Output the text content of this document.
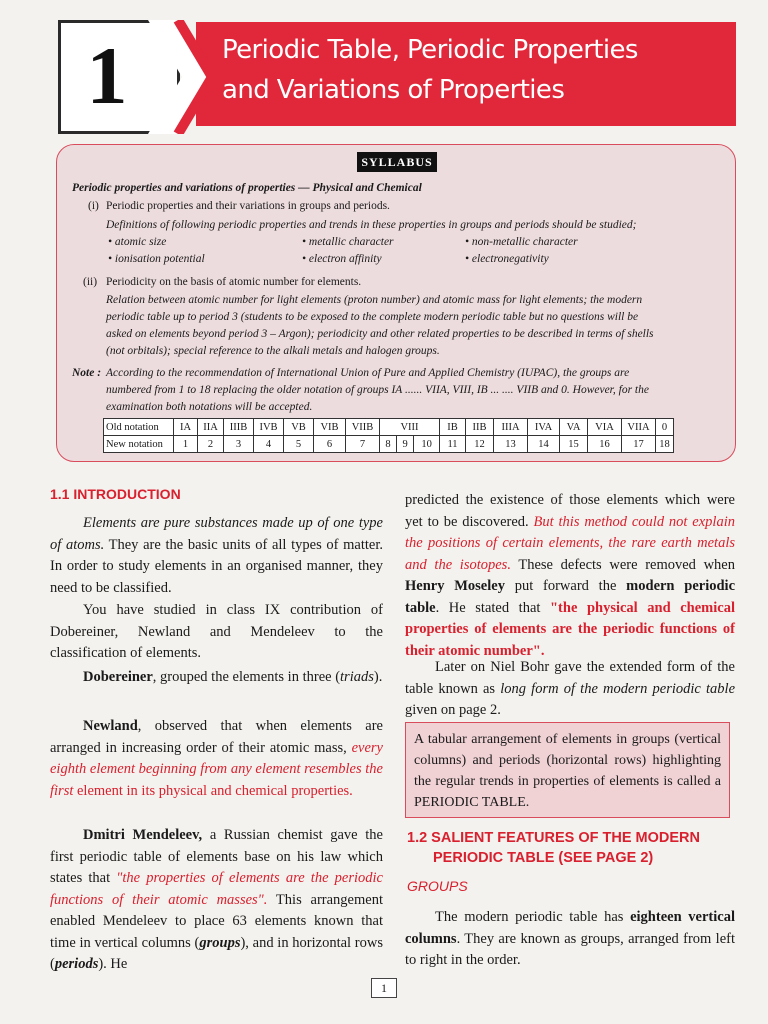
1	Periodic Table, Periodic Properties
and Variations of Properties
SYLLABUS
Periodic properties and variations of properties — Physical and Chemical
(i) Periodic properties and their variations in groups and periods.
Definitions of following periodic properties and trends in these properties in groups and periods should be studied;
• atomic size	• metallic character	• non-metallic character
• ionisation potential	• electron affinity	• electronegativity
(ii) Periodicity on the basis of atomic number for elements.
Relation between atomic number for light elements (proton number) and atomic mass for light elements; the modern
periodic table up to period 3 (students to be exposed to the complete modern periodic table but no questions will be
asked on elements beyond period 3 – Argon); periodicity and other related properties to be described in terms of shells
(not orbitals); special reference to the alkali metals and halogen groups.
Note : According to the recommendation of International Union of Pure and Applied Chemistry (IUPAC), the groups are
numbered from 1 to 18 replacing the older notation of groups IA ...... VIIA, VIII, IB ... .... VIIB and 0. However, for the
examination both notations will be accepted.
Old notation	IA	IIA	IIIB	IVB	VB	VIB	VIIB	VIII			IB	IIB	IIIA	IVA	VA	VIA	VIIA	0
New notation	1	2	3	4	5	6	7	8	9	10	11	12	13	14	15	16	17	18
1.1 INTRODUCTION
Elements are pure substances made up of one type of atoms. They are the basic units of all types of matter. In order to study elements in an organised manner, they need to be classified.
You have studied in class IX contribution of Dobereiner, Newland and Mendeleev to the classification of elements.
Dobereiner, grouped the elements in three (triads).
Newland, observed that when elements are arranged in increasing order of their atomic mass, every eighth element beginning from any element resembles the first element in its physical and chemical properties.
Dmitri Mendeleev, a Russian chemist gave the first periodic table of elements base on his law which states that "the properties of elements are the periodic functions of their atomic masses". This arrangement enabled Mendeleev to place 63 elements known that time in vertical columns (groups), and in horizontal rows (periods). He
predicted the existence of those elements which were yet to be discovered. But this method could not explain the positions of certain elements, the rare earth metals and the isotopes. These defects were removed when Henry Moseley put forward the modern periodic table. He stated that "the physical and chemical properties of elements are the periodic functions of their atomic number".
Later on Niel Bohr gave the extended form of the table known as long form of the modern periodic table given on page 2.
A tabular arrangement of elements in groups (vertical columns) and periods (horizontal rows) highlighting the regular trends in properties of elements is called a PERIODIC TABLE.
1.2 SALIENT FEATURES OF THE MODERN
PERIODIC TABLE (SEE PAGE 2)
GROUPS
The modern periodic table has eighteen vertical columns. They are known as groups, arranged from left to right in the order.
1
